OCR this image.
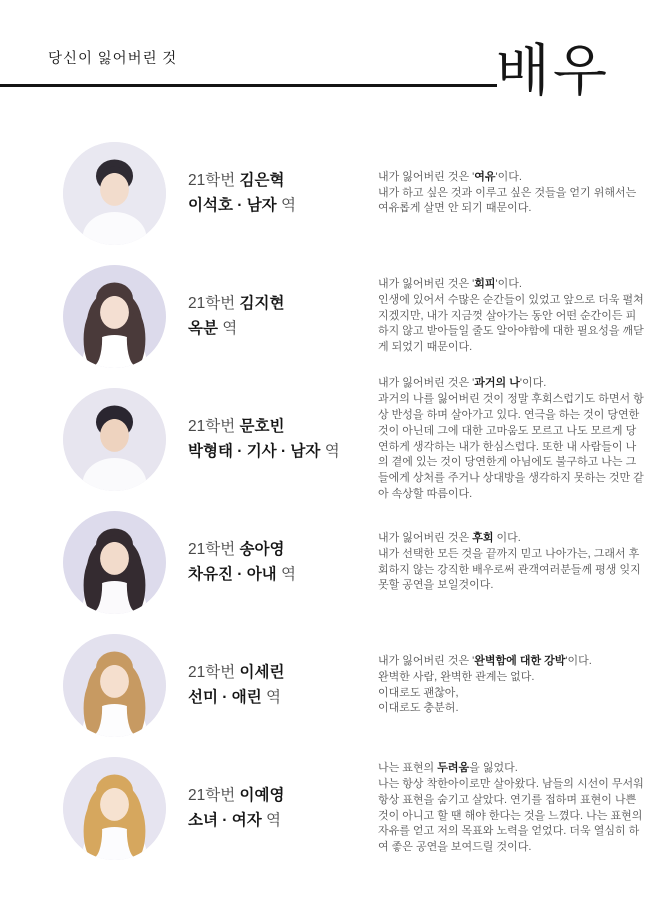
당신이 잃어버린 것	배우
21학번 김은혁
이석호 · 남자 역
내가 잃어버린 것은 '여유'이다.
내가 하고 싶은 것과 이루고 싶은 것들을 얻기 위해서는 여유롭게 살면 안 되기 때문이다.
21학번 김지현
옥분 역
내가 잃어버린 것은 '회피'이다.
인생에 있어서 수많은 순간들이 있었고 앞으로 더욱 펼쳐지겠지만, 내가 지금껏 살아가는 동안 어떤 순간이든 피하지 않고 받아들일 줄도 알아야함에 대한 필요성을 깨닫게 되었기 때문이다.
21학번 문호빈
박형태 · 기사 · 남자 역
내가 잃어버린 것은 '과거의 나'이다.
과거의 나를 잃어버린 것이 정말 후회스럽기도 하면서 항상 반성을 하며 살아가고 있다. 연극을 하는 것이 당연한 것이 아닌데 그에 대한 고마움도 모르고 나도 모르게 당연하게 생각하는 내가 한심스럽다. 또한 내 사람들이 나의 곁에 있는 것이 당연한게 아님에도 불구하고 나는 그들에게 상처를 주거나 상대방을 생각하지 못하는 것만 같아 속상할 따름이다.
21학번 송아영
차유진 · 아내 역
내가 잃어버린 것은 후회 이다.
내가 선택한 모든 것을 끝까지 믿고 나아가는, 그래서 후회하지 않는 강직한 배우로써 관객여러분들께 평생 잊지 못할 공연을 보일것이다.
21학번 이세린
선미 · 애린 역
내가 잃어버린 것은 '완벽함에 대한 강박'이다.
완벽한 사람, 완벽한 관계는 없다.
이대로도 괜찮아,
이대로도 충분허.
21학번 이예영
소녀 · 여자 역
나는 표현의 두려움을 잃었다.
나는 항상 착한아이로만 살아왔다. 남들의 시선이 무서워 항상 표현을 숨기고 살았다. 연기를 접하며 표현이 나쁜 것이 아니고 할 땐 해야 한다는 것을 느꼈다. 나는 표현의 자유를 얻고 저의 목표와 노력을 얻었다. 더욱 열심히 하여 좋은 공연을 보여드릴 것이다.
